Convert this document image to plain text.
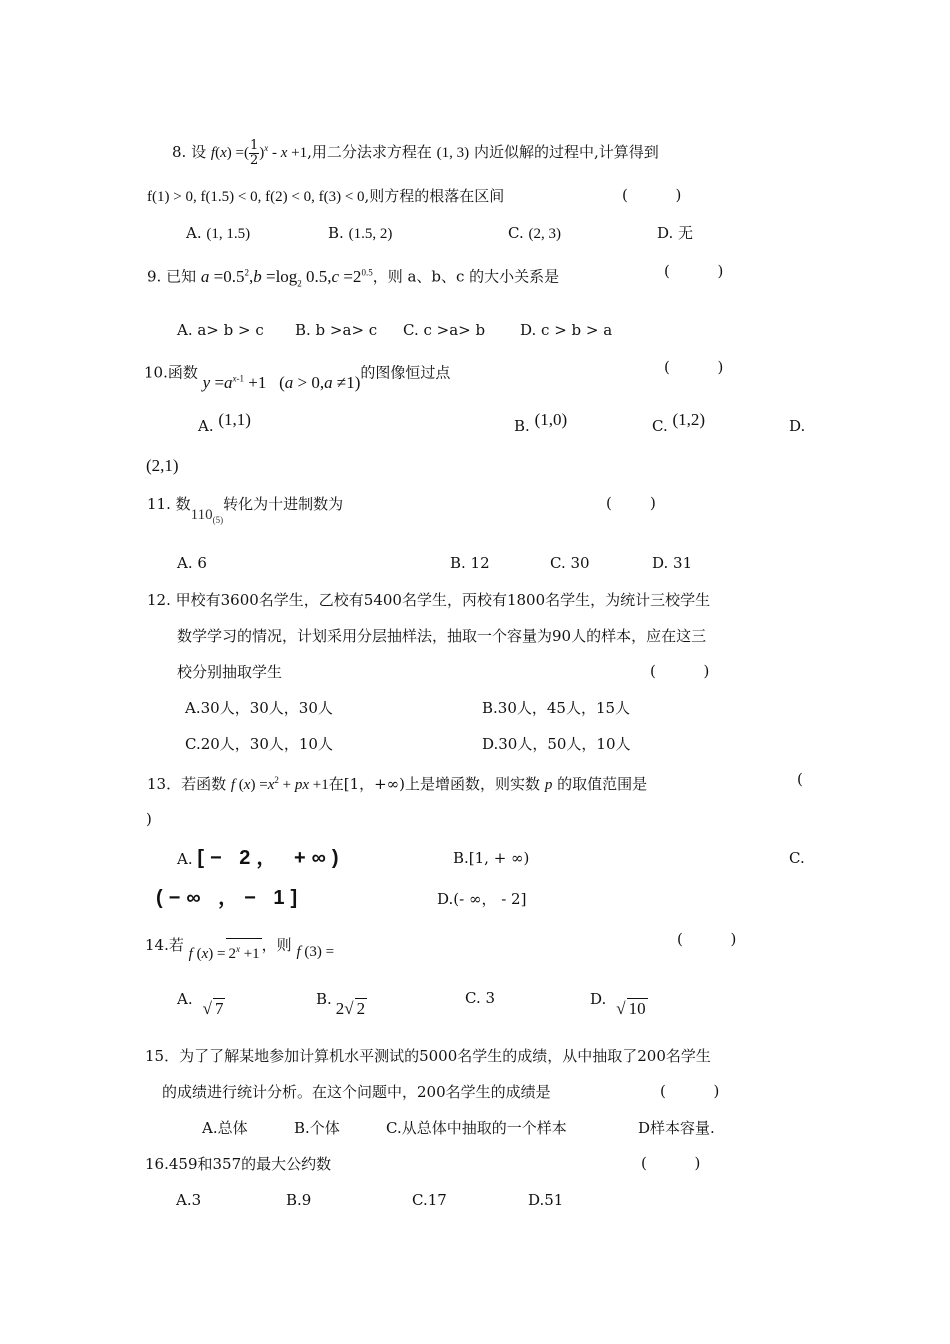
8. 设 f(x) =( $\frac{1}{2} )^x - x +1$,用二分法求方程在 (1, 3) 内近似解的过程中,计算得到
f(1) > 0, f(1.5) < 0, f(2) < 0, f(3) < 0,则方程的根落在区间	(          )
A. (1, 1.5)	B. (1.5, 2)	C. (2, 3)	D. 无
9. 已知 $a =0.5^2,b =\log_2$ $0.5,c =2^{0.5}$，则 a、b、c 的大小关系是	(          )
A. a> b > c B. b >a> c C. c >a> b D. c > b > a
10.函数 $y =a^{x-1} +1$   (a > 0,a ≠1)的图像恒过点	(          )
A. (1,1)	B. (1,0)	C. (1,2)	D.
(2,1)
11. 数$110_{(5)}$转化为十进制数为	(        )
A. 6	B. 12	C. 30	D. 31
12. 甲校有3600名学生，乙校有5400名学生，丙校有1800名学生，为统计三校学生
数学学习的情况，计划采用分层抽样法，抽取一个容量为90人的样本，应在这三
校分别抽取学生	(          )
A.30人，30人，30人	B.30人，45人，15人
C.20人，30人，10人	D.30人，50人，10人
13．若函数 f $(x) =x^2$ + px +1在[1，+∞)上是增函数，则实数 p 的取值范围是	(
)
A. [− 2， +∞)	B.[1, + ∞)	C.
(−∞ ，− 1]	D.(- ∞， - 2]
14.若 f $(x) = 2^x +1$ ，则 f (3) =
(          )
A. √ 7	B. 2√ 2
C. 3	D. √ 10
15．为了了解某地参加计算机水平测试的5000名学生的成绩，从中抽取了200名学生
的成绩进行统计分析。在这个问题中，200名学生的成绩是	(          )
A.总体	B.个体	C.从总体中抽取的一个样本	D样本容量.
16.459和357的最大公约数	(          )
A.3	B.9	C.17	D.51
